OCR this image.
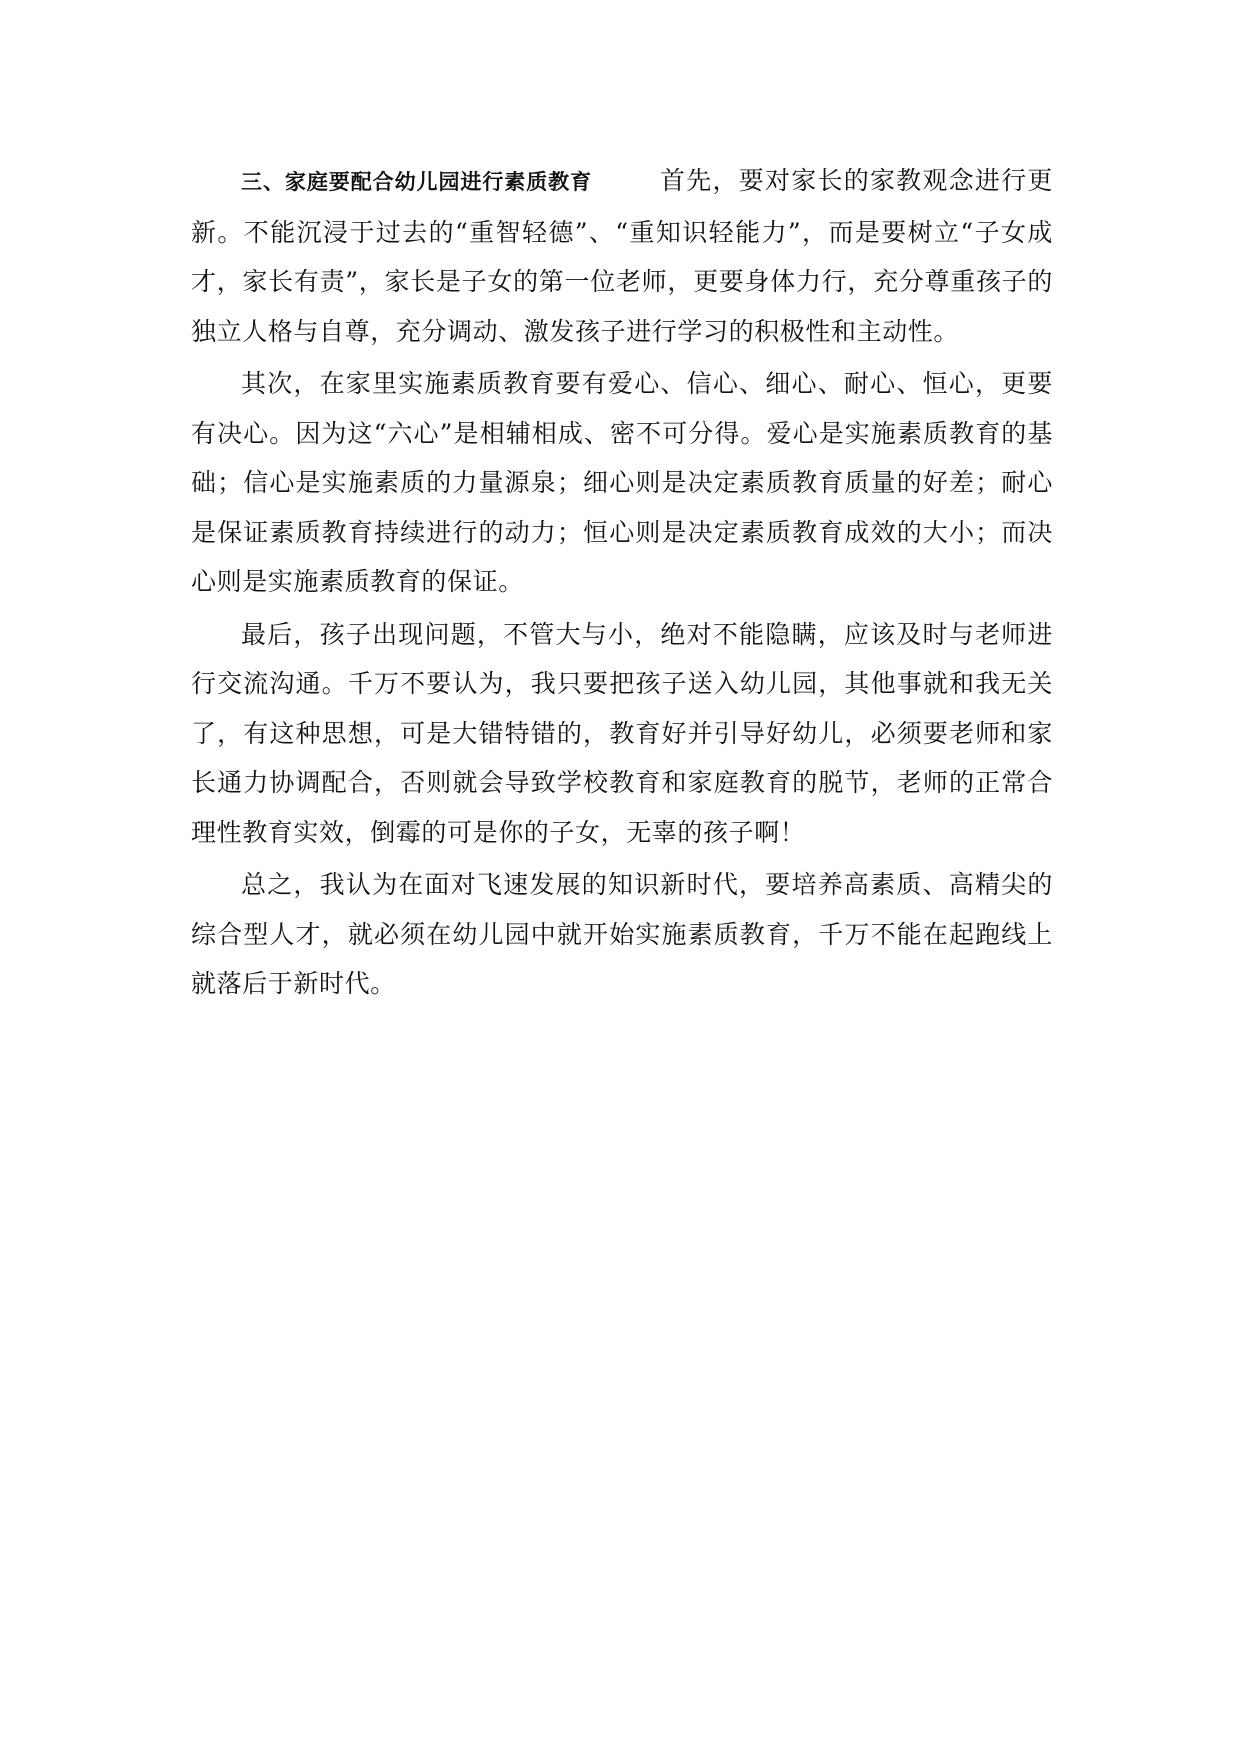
三、家庭要配合幼儿园进行素质教育	首先，要对家长的家教观念进行更新。不能沉浸于过去的“重智轻德”、“重知识轻能力”，而是要树立“子女成才，家长有责”，家长是子女的第一位老师，更要身体力行，充分尊重孩子的独立人格与自尊，充分调动、激发孩子进行学习的积极性和主动性。

其次，在家里实施素质教育要有爱心、信心、细心、耐心、恒心，更要有决心。因为这“六心”是相辅相成、密不可分得。爱心是实施素质教育的基础；信心是实施素质的力量源泉；细心则是决定素质教育质量的好差；耐心是保证素质教育持续进行的动力；恒心则是决定素质教育成效的大小；而决心则是实施素质教育的保证。

最后，孩子出现问题，不管大与小，绝对不能隐瞒，应该及时与老师进行交流沟通。千万不要认为，我只要把孩子送入幼儿园，其他事就和我无关了，有这种思想，可是大错特错的，教育好并引导好幼儿，必须要老师和家长通力协调配合，否则就会导致学校教育和家庭教育的脱节，老师的正常合理性教育实效，倒霉的可是你的子女，无辜的孩子啊！

总之，我认为在面对飞速发展的知识新时代，要培养高素质、高精尖的综合型人才，就必须在幼儿园中就开始实施素质教育，千万不能在起跑线上就落后于新时代。
